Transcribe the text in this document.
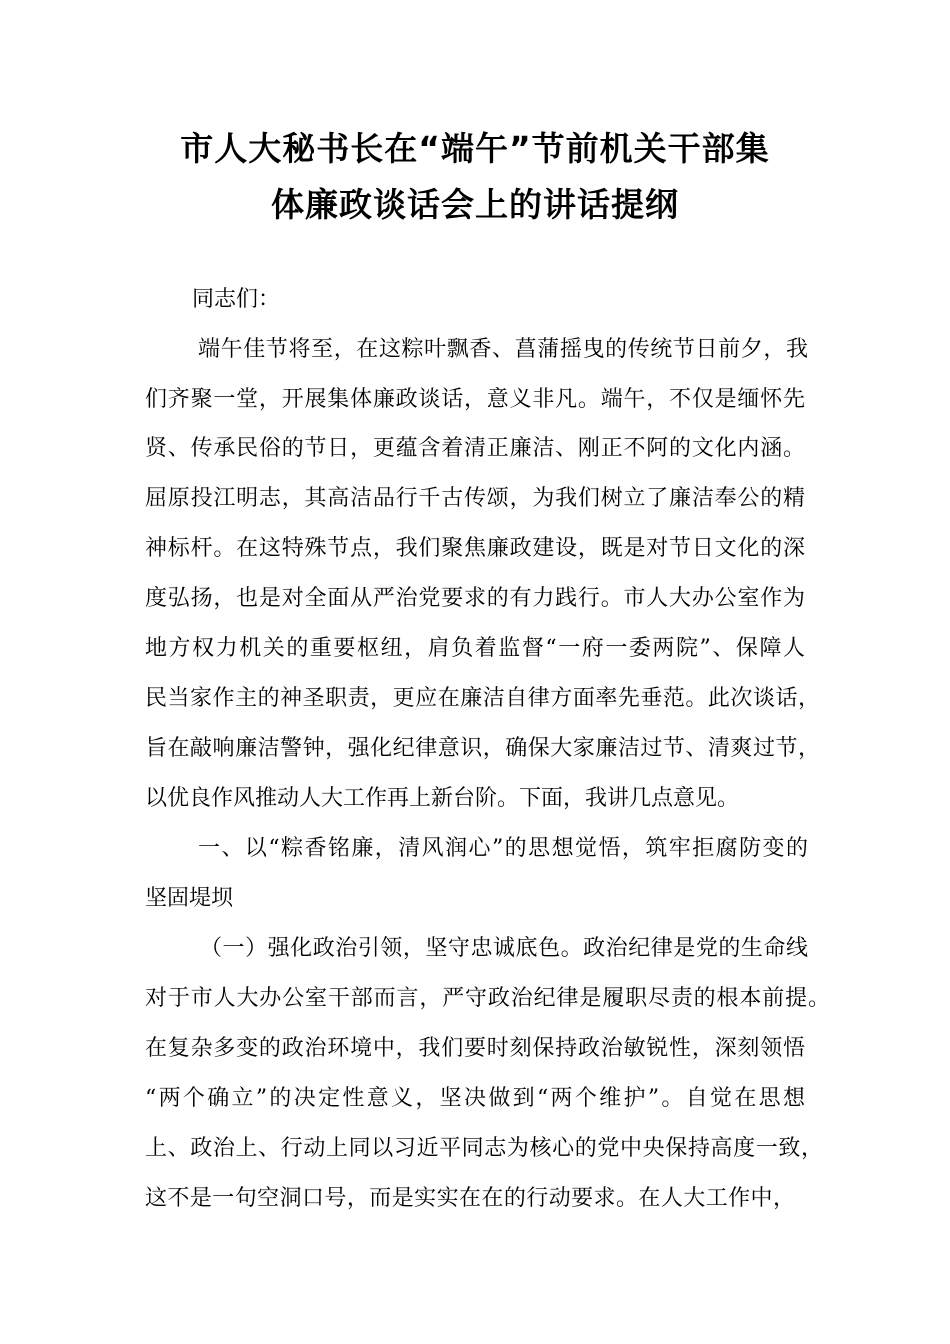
市人大秘书长在“端午”节前机关干部集
体廉政谈话会上的讲话提纲

同志们：

端午佳节将至，在这粽叶飘香、菖蒲摇曳的传统节日前夕，我

们齐聚一堂，开展集体廉政谈话，意义非凡。端午，不仅是缅怀先

贤、传承民俗的节日，更蕴含着清正廉洁、刚正不阿的文化内涵。

屈原投江明志，其高洁品行千古传颂，为我们树立了廉洁奉公的精

神标杆。在这特殊节点，我们聚焦廉政建设，既是对节日文化的深

度弘扬，也是对全面从严治党要求的有力践行。市人大办公室作为

地方权力机关的重要枢纽，肩负着监督“一府一委两院”、保障人

民当家作主的神圣职责，更应在廉洁自律方面率先垂范。此次谈话，

旨在敲响廉洁警钟，强化纪律意识，确保大家廉洁过节、清爽过节，

以优良作风推动人大工作再上新台阶。下面，我讲几点意见。

一、以“粽香铭廉，清风润心”的思想觉悟，筑牢拒腐防变的

坚固堤坝

（一）强化政治引领，坚守忠诚底色。政治纪律是党的生命线

对于市人大办公室干部而言，严守政治纪律是履职尽责的根本前提。

在复杂多变的政治环境中，我们要时刻保持政治敏锐性，深刻领悟

“两个确立”的决定性意义，坚决做到“两个维护”。自觉在思想

上、政治上、行动上同以习近平同志为核心的党中央保持高度一致，

这不是一句空洞口号，而是实实在在的行动要求。在人大工作中，
